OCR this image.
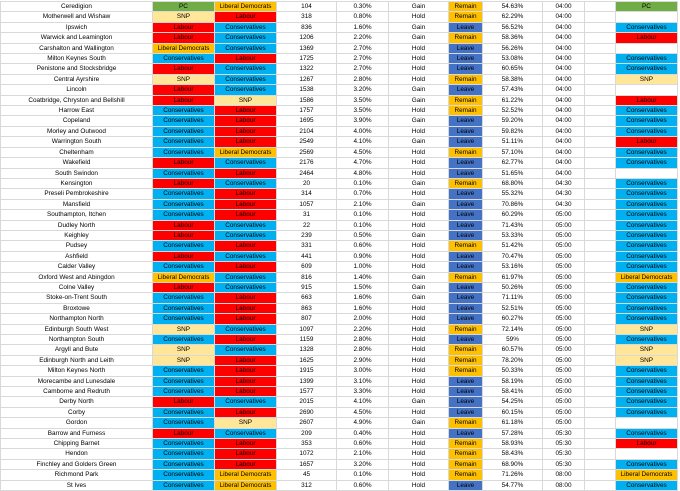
Ceredigion	PC	Liberal Democrats	104	0.30%	Gain	Remain	54.63%	04:00		PC
Motherwell and Wishaw	SNP	Labour	318	0.80%	Hold	Remain	62.29%	04:00		
Ipswich	Labour	Conservatives	836	1.60%	Gain	Leave	56.52%	04:00		Conservatives
Warwick and Leamington	Labour	Conservatives	1206	2.20%	Gain	Remain	58.36%	04:00		Labour
Carshalton and Wallington	Liberal Democrats	Conservatives	1369	2.70%	Hold	Leave	56.26%	04:00		
Milton Keynes South	Conservatives	Labour	1725	2.70%	Hold	Leave	53.08%	04:00		Conservatives
Penistone and Stocksbridge	Labour	Conservatives	1322	2.70%	Hold	Leave	60.65%	04:00		Conservatives
Central Ayrshire	SNP	Conservatives	1267	2.80%	Hold	Remain	58.38%	04:00		SNP
Lincoln	Labour	Conservatives	1538	3.20%	Gain	Leave	57.43%	04:00		
Coatbridge, Chryston and Bellshill	Labour	SNP	1586	3.50%	Gain	Remain	61.22%	04:00		Labour
Harrow East	Conservatives	Labour	1757	3.50%	Hold	Remain	52.52%	04:00		Conservatives
Copeland	Conservatives	Labour	1695	3.90%	Gain	Leave	59.20%	04:00		Conservatives
Morley and Outwood	Conservatives	Labour	2104	4.00%	Hold	Leave	59.82%	04:00		Conservatives
Warrington South	Conservatives	Labour	2549	4.10%	Gain	Leave	51.11%	04:00		Labour
Cheltenham	Conservatives	Liberal Democrats	2569	4.50%	Hold	Remain	57.10%	04:00		Conservatives
Wakefield	Labour	Conservatives	2176	4.70%	Hold	Leave	62.77%	04:00		Conservatives
South Swindon	Conservatives	Labour	2464	4.80%	Hold	Leave	51.65%	04:00		
Kensington	Labour	Conservatives	20	0.10%	Gain	Remain	68.80%	04:30		Conservatives
Preseli Pembrokeshire	Conservatives	Labour	314	0.70%	Hold	Leave	55.32%	04:30		Conservatives
Mansfield	Conservatives	Labour	1057	2.10%	Gain	Leave	70.86%	04:30		Conservatives
Southampton, Itchen	Conservatives	Labour	31	0.10%	Hold	Leave	60.29%	05:00		Conservatives
Dudley North	Labour	Conservatives	22	0.10%	Hold	Leave	71.43%	05:00		Conservatives
Keighley	Labour	Conservatives	239	0.50%	Gain	Leave	53.33%	05:00		Conservatives
Pudsey	Conservatives	Labour	331	0.60%	Hold	Remain	51.42%	05:00		Conservatives
Ashfield	Labour	Conservatives	441	0.90%	Hold	Leave	70.47%	05:00		Conservatives
Calder Valley	Conservatives	Labour	609	1.00%	Hold	Leave	53.16%	05:00		Conservatives
Oxford West and Abingdon	Liberal Democrats	Conservatives	816	1.40%	Gain	Remain	61.97%	05:00		Liberal Democrats
Colne Valley	Labour	Conservatives	915	1.50%	Gain	Leave	50.26%	05:00		Conservatives
Stoke-on-Trent South	Conservatives	Labour	663	1.60%	Gain	Leave	71.11%	05:00		Conservatives
Broxtowe	Conservatives	Labour	863	1.60%	Hold	Leave	52.51%	05:00		Conservatives
Northampton North	Conservatives	Labour	807	2.00%	Hold	Leave	60.27%	05:00		Conservatives
Edinburgh South West	SNP	Conservatives	1097	2.20%	Hold	Remain	72.14%	05:00		SNP
Northampton South	Conservatives	Labour	1159	2.80%	Hold	Leave	59%	05:00		Conservatives
Argyll and Bute	SNP	Conservatives	1328	2.80%	Hold	Remain	60.57%	05:00		SNP
Edinburgh North and Leith	SNP	Labour	1625	2.90%	Hold	Remain	78.20%	05:00		SNP
Milton Keynes North	Conservatives	Labour	1915	3.00%	Hold	Remain	50.33%	05:00		Conservatives
Morecambe and Lunesdale	Conservatives	Labour	1399	3.10%	Hold	Leave	58.19%	05:00		Conservatives
Camborne and Redruth	Conservatives	Labour	1577	3.30%	Hold	Leave	58.41%	05:00		Conservatives
Derby North	Labour	Conservatives	2015	4.10%	Gain	Leave	54.25%	05:00		Conservatives
Corby	Conservatives	Labour	2690	4.50%	Hold	Leave	60.15%	05:00		Conservatives
Gordon	Conservatives	SNP	2607	4.90%	Gain	Remain	61.18%	05:00		
Barrow and Furness	Labour	Conservatives	209	0.40%	Hold	Leave	57.28%	05:30		Conservatives
Chipping Barnet	Conservatives	Labour	353	0.60%	Hold	Remain	58.93%	05:30		Labour
Hendon	Conservatives	Labour	1072	2.10%	Hold	Remain	58.43%	05:30		
Finchley and Golders Green	Conservatives	Labour	1657	3.20%	Hold	Remain	68.90%	05:30		Conservatives
Richmond Park	Conservatives	Liberal Democrats	45	0.10%	Hold	Remain	71.26%	08:00		Liberal Democrats
St Ives	Conservatives	Liberal Democrats	312	0.60%	Hold	Leave	54.77%	08:00		Conservatives
